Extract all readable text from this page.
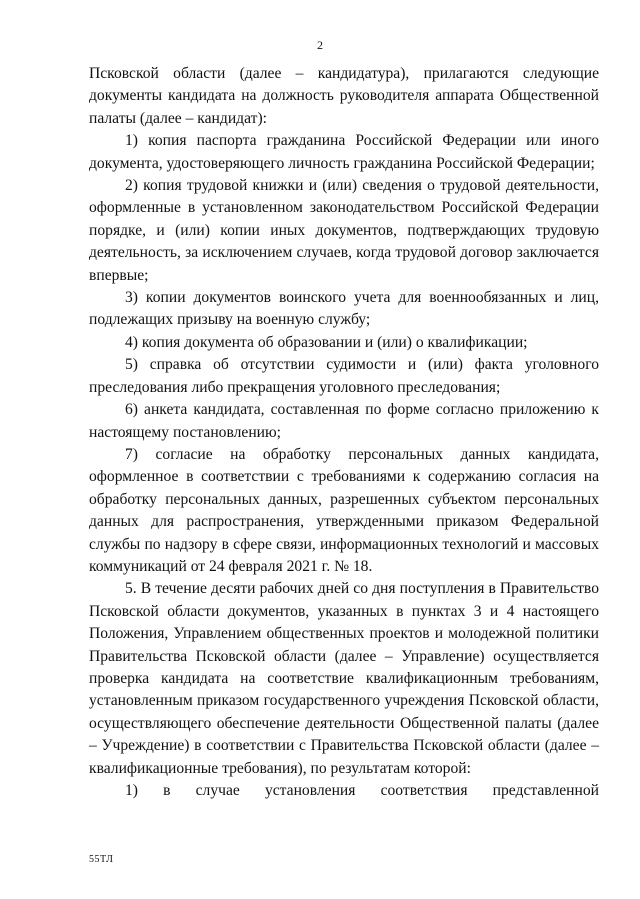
2

Псковской области (далее – кандидатура), прилагаются следующие документы кандидата на должность руководителя аппарата Общественной палаты (далее – кандидат):

1) копия паспорта гражданина Российской Федерации или иного документа, удостоверяющего личность гражданина Российской Федерации;

2) копия трудовой книжки и (или) сведения о трудовой деятельности, оформленные в установленном законодательством Российской Федерации порядке, и (или) копии иных документов, подтверждающих трудовую деятельность, за исключением случаев, когда трудовой договор заключается впервые;

3) копии документов воинского учета для военнообязанных и лиц, подлежащих призыву на военную службу;

4) копия документа об образовании и (или) о квалификации;

5) справка об отсутствии судимости и (или) факта уголовного преследования либо прекращения уголовного преследования;

6) анкета кандидата, составленная по форме согласно приложению к настоящему постановлению;

7) согласие на обработку персональных данных кандидата, оформленное в соответствии с требованиями к содержанию согласия на обработку персональных данных, разрешенных субъектом персональных данных для распространения, утвержденными приказом Федеральной службы по надзору в сфере связи, информационных технологий и массовых коммуникаций от 24 февраля 2021 г. № 18.

5. В течение десяти рабочих дней со дня поступления в Правительство Псковской области документов, указанных в пунктах 3 и 4 настоящего Положения, Управлением общественных проектов и молодежной политики Правительства Псковской области (далее – Управление) осуществляется проверка кандидата на соответствие квалификационным требованиям, установленным приказом государственного учреждения Псковской области, осуществляющего обеспечение деятельности Общественной палаты (далее – Учреждение) в соответствии с Правительства Псковской области (далее – квалификационные требования), по результатам которой:

1) в случае установления соответствия представленной

55ТЛ
